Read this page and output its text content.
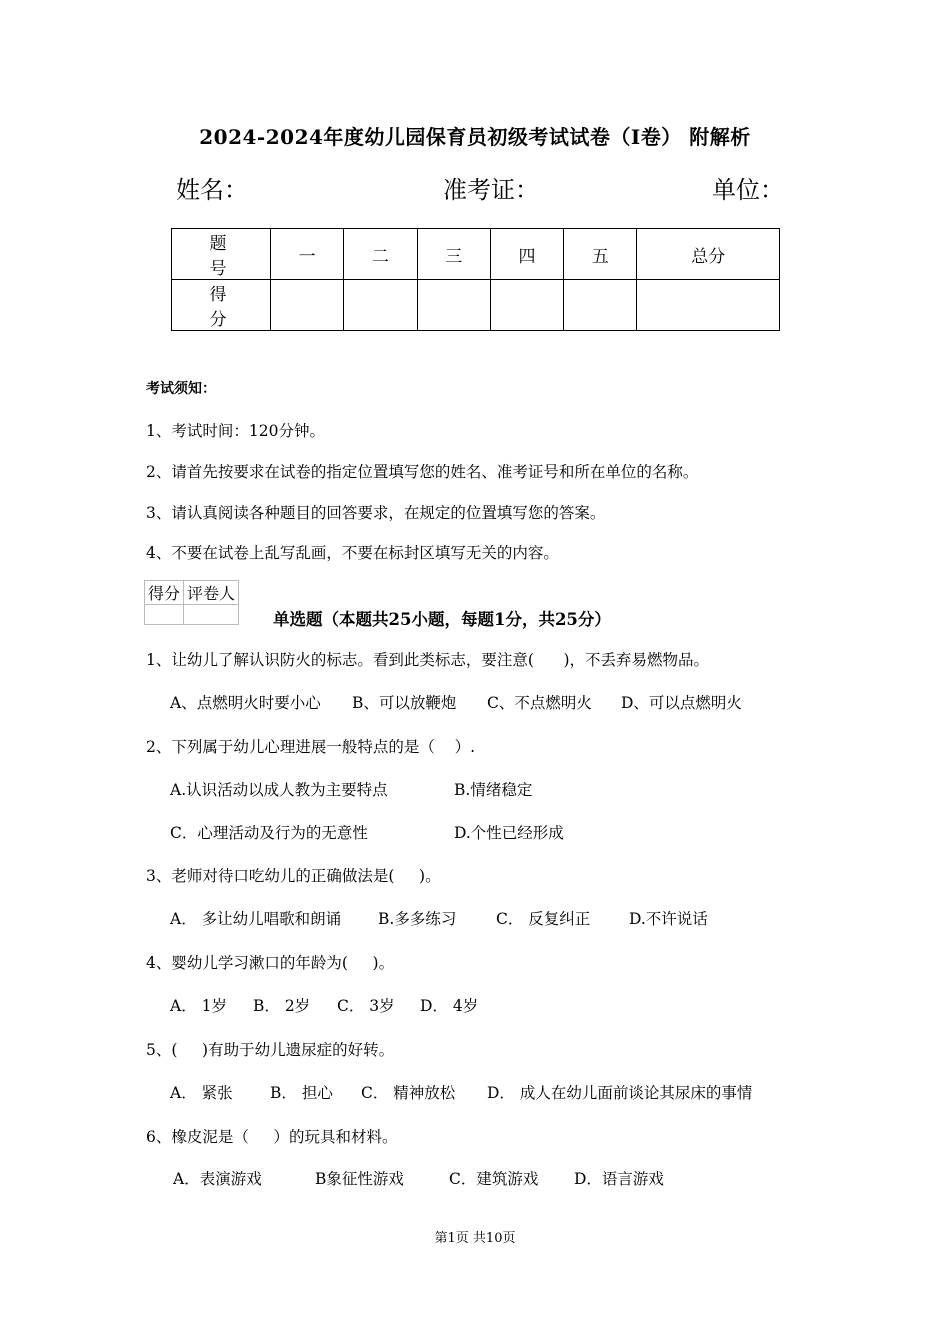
2024-2024年度幼儿园保育员初级考试试卷（I卷） 附解析
姓名：	准考证：	单位：
题 号	一	二	三	四	五	总分
得 分						
考试须知：
1、考试时间：120分钟。
2、请首先按要求在试卷的指定位置填写您的姓名、准考证号和所在单位的名称。
3、请认真阅读各种题目的回答要求，在规定的位置填写您的答案。
4、不要在试卷上乱写乱画，不要在标封区填写无关的内容。
得分	评卷人

单选题（本题共25小题，每题1分，共25分）
1、让幼儿了解认识防火的标志。看到此类标志，要注意(      )，不丢弃易燃物品。
A、点燃明火时要小心 B、可以放鞭炮 C、不点燃明火 D、可以点燃明火
2、下列属于幼儿心理进展一般特点的是（    ）.
A.认识活动以成人教为主要特点	B.情绪稳定
C．心理活动及行为的无意性	D.个性已经形成
3、老师对待口吃幼儿的正确做法是(     )。
A． 多让幼儿唱歌和朗诵 B.多多练习	C． 反复纠正 D.不许说话
4、婴幼儿学习漱口的年龄为(     )。
A． 1岁 B． 2岁 C． 3岁 D． 4岁
5、(     )有助于幼儿遗尿症的好转。
A． 紧张 B． 担心 C． 精神放松 D． 成人在幼儿面前谈论其尿床的事情
6、橡皮泥是（     ）的玩具和材料。
A．表演游戏	B象征性游戏	C．建筑游戏 D．语言游戏
第1页 共10页
